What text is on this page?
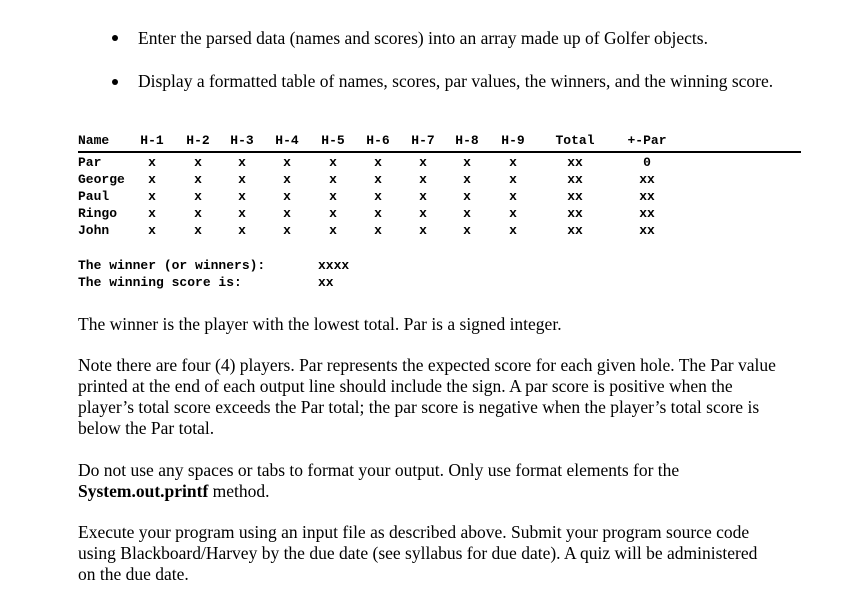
Enter the parsed data (names and scores) into an array made up of Golfer objects.
Display a formatted table of names, scores, par values, the winners, and the winning score.
Name H-1 H-2 H-3 H-4 H-5 H-6 H-7 H-8 H-9 Total	+-Par
Par	x	x	x	x	x	x	x	x	x	xx	0
George x	x	x	x	x	x	x	x	x	xx	xx
Paul	x	x	x	x	x	x	x	x	x	xx	xx
Ringo x	x	x	x	x	x	x	x	x	xx	xx
John	x	x	x	x	x	x	x	x	x	xx	xx
The winner (or winners):	xxxx
The winning score is:	xx
The winner is the player with the lowest total. Par is a signed integer.
Note there are four (4) players. Par represents the expected score for each given hole. The Par value printed at the end of each output line should include the sign. A par score is positive when the player’s total score exceeds the Par total; the par score is negative when the player’s total score is below the Par total.
Do not use any spaces or tabs to format your output. Only use format elements for the System.out.printf method.
Execute your program using an input file as described above. Submit your program source code using Blackboard/Harvey by the due date (see syllabus for due date). A quiz will be administered on the due date.
